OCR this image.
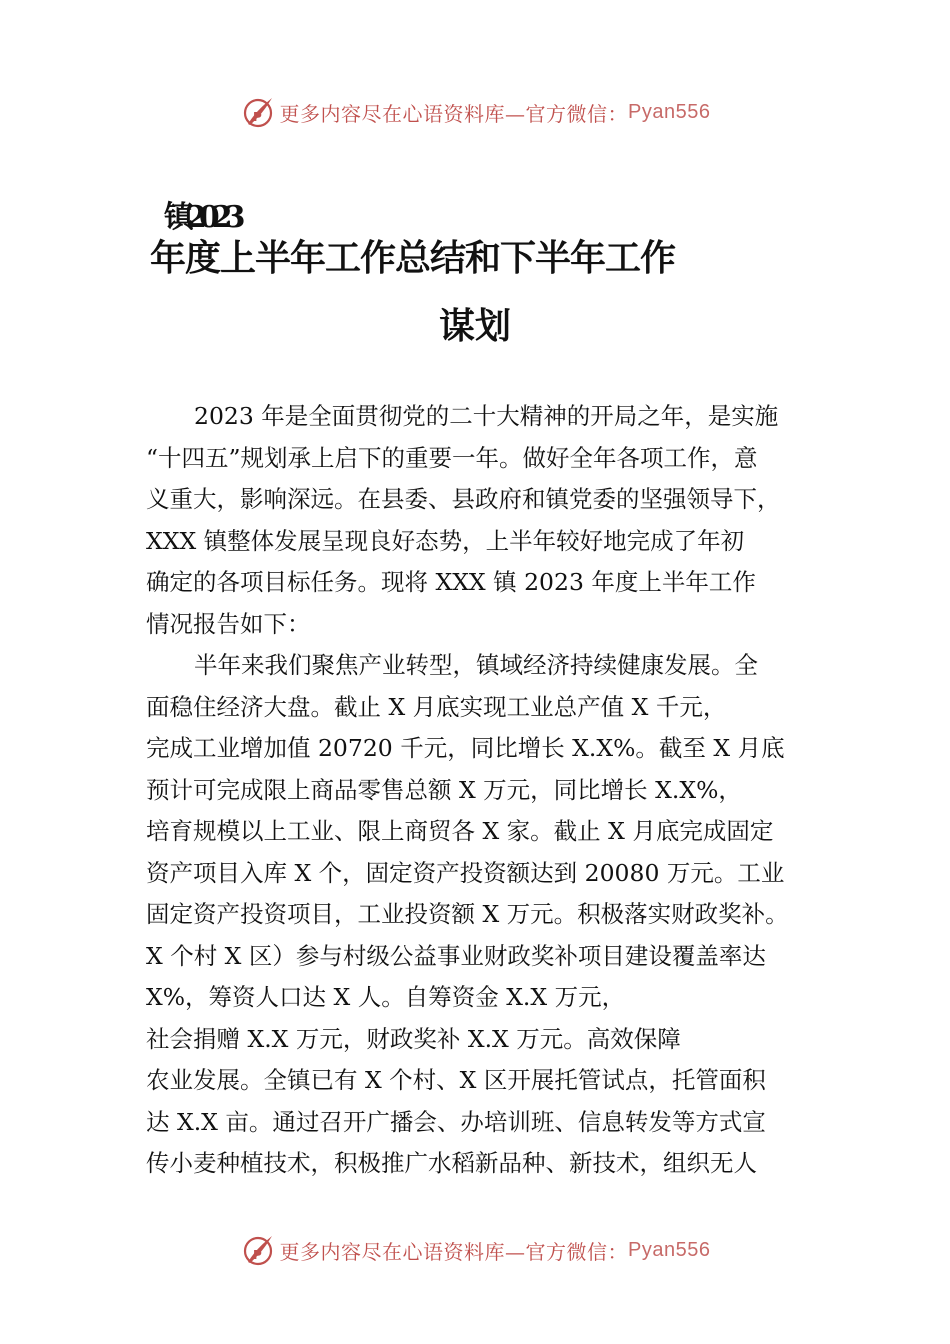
P 更多内容尽在心语资料库—官方微信： Pyan556
镇2023
年度上半年工作总结和下半年工作
谋划
2023 年是全面贯彻党的二十大精神的开局之年，是实施
“十四五”规划承上启下的重要一年。做好全年各项工作，意
义重大，影响深远。在县委、县政府和镇党委的坚强领导下，
XXX 镇整体发展呈现良好态势，上半年较好地完成了年初
确定的各项目标任务。现将 XXX 镇 2023 年度上半年工作
情况报告如下：
半年来我们聚焦产业转型，镇域经济持续健康发展。全
面稳住经济大盘。截止 X 月底实现工业总产值 X 千元，
完成工业增加值 20720 千元，同比增长 X.X%。截至 X 月底
预计可完成限上商品零售总额 X 万元，同比增长 X.X%，
培育规模以上工业、限上商贸各 X 家。截止 X 月底完成固定
资产项目入库 X 个，固定资产投资额达到 20080 万元。工业
固定资产投资项目，工业投资额 X 万元。积极落实财政奖补。
X 个村 X 区）参与村级公益事业财政奖补项目建设覆盖率达
X%，筹资人口达 X 人。自筹资金 X.X 万元，
社会捐赠 X.X 万元，财政奖补 X.X 万元。高效保障
农业发展。全镇已有 X 个村、X 区开展托管试点，托管面积
达 X.X 亩。通过召开广播会、办培训班、信息转发等方式宣
传小麦种植技术，积极推广水稻新品种、新技术，组织无人
P 更多内容尽在心语资料库—官方微信： Pyan556
